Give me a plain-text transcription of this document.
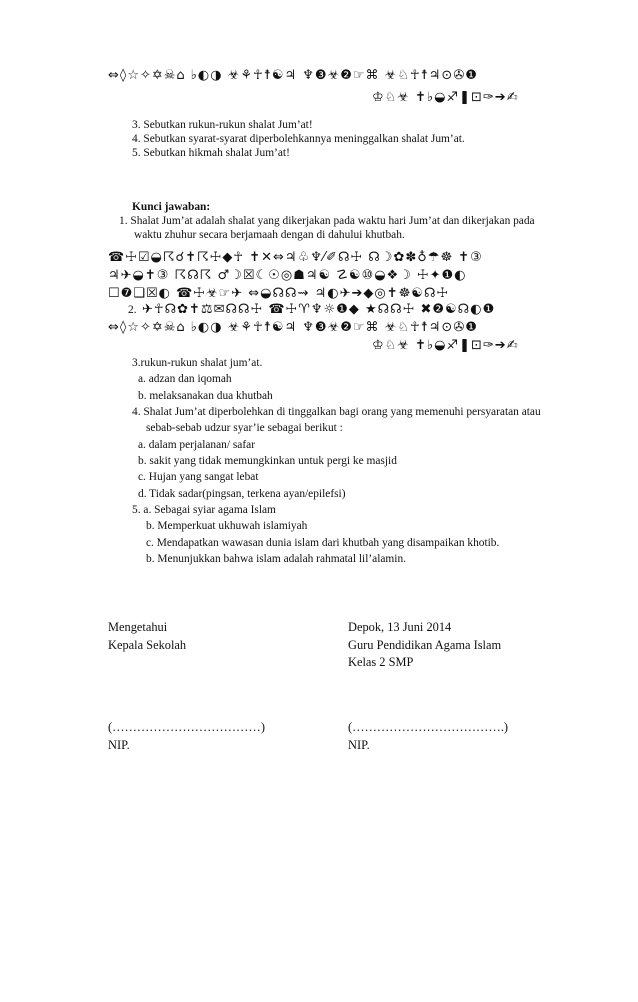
⇔◊☆✧✡☠⌂ ♭◐◑ ☣⚘☥☨☯♃ ♆❸☣❷☞⌘ ☣♘☥☨♃⊙✇❶
♔♘☣ ✝♭◒♐❚⊡✑➔✍
3. Sebutkan rukun-rukun shalat Jum’at!
4. Sebutkan syarat-syarat diperbolehkannya meninggalkan shalat Jum’at.
5. Sebutkan hikmah shalat Jum’at!
Kunci jawaban:
1. Shalat Jum’at adalah shalat yang dikerjakan pada waktu hari Jum’at dan dikerjakan pada
waktu zhuhur secara berjamaah dengan di dahului khutbah.
☎☩☑◒☈☌✝☈☩◆☥ ✝✕⇔♃♧♆⁄✐☊☩ ☊☽✿✽♁☂☸ ✝③
♃✈◒✝③ ☈☊☈ ♂☽☒☾☉◎☗♃☯ ☡☯⑩◒❖☽ ☩✦❶◐
☐❼❏☒◐ ☎☩☣☞✈ ⇔◒☊☊⇝ ♃◐✈➔◆◎✝☸☯☊☩
2. ✈☥☊✿✝⚖✉☊☊☩ ☎☩♈♆☼❶◆ ★☊☊☩ ✖❷☯☊◐❶
⇔◊☆✧✡☠⌂ ♭◐◑ ☣⚘☥☨☯♃ ♆❸☣❷☞⌘ ☣♘☥☨♃⊙✇❶
♔♘☣ ✝♭◒♐❚⊡✑➔✍
3.rukun-rukun shalat jum’at.
a. adzan dan iqomah
b. melaksanakan dua khutbah
4. Shalat Jum’at diperbolehkan di tinggalkan bagi orang yang memenuhi persyaratan atau
sebab-sebab udzur syar’ie sebagai berikut :
a. dalam perjalanan/ safar
b. sakit yang tidak memungkinkan untuk pergi ke masjid
c. Hujan yang sangat lebat
d. Tidak sadar(pingsan, terkena ayan/epilefsi)
5. a. Sebagai syiar agama Islam
b. Memperkuat ukhuwah islamiyah
c. Mendapatkan wawasan dunia islam dari khutbah yang disampaikan khotib.
b. Menunjukkan bahwa islam adalah rahmatal lil’alamin.
Mengetahui
Kepala Sekolah
Depok, 13 Juni 2014
Guru Pendidikan Agama Islam
Kelas 2 SMP
(………………………………)
NIP.
(……………………………….)
NIP.
